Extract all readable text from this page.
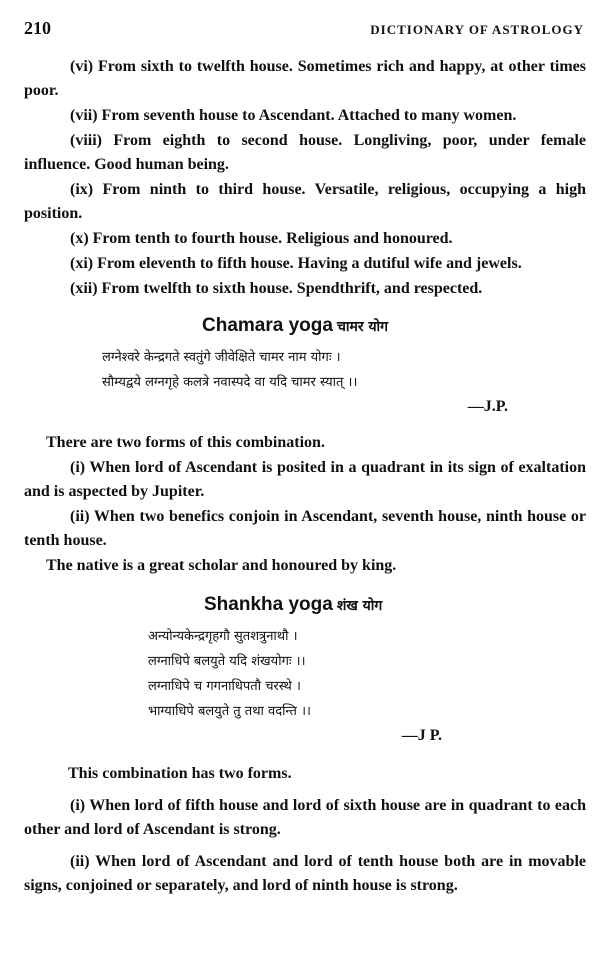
210	DICTIONARY OF ASTROLOGY

(vi) From sixth to twelfth house. Sometimes rich and happy, at other times poor.

(vii) From seventh house to Ascendant. Attached to many women.

(viii) From eighth to second house. Longliving, poor, under female influence. Good human being.

(ix) From ninth to third house. Versatile, religious, occupying a high position.

(x) From tenth to fourth house. Religious and honoured.

(xi) From eleventh to fifth house. Having a dutiful wife and jewels.

(xii) From twelfth to sixth house. Spendthrift, and respected.

Chamara yoga चामर योग
लग्नेश्वरे केन्द्रगते स्वतुंगे जीवेक्षिते चामर नाम योगः ।
सौम्यद्वये लग्नगृहे कलत्रे नवास्पदे वा यदि चामर स्यात् ।।
—J.P.

There are two forms of this combination.

(i) When lord of Ascendant is posited in a quadrant in its sign of exaltation and is aspected by Jupiter.

(ii) When two benefics conjoin in Ascendant, seventh house, ninth house or tenth house.

The native is a great scholar and honoured by king.

Shankha yoga शंख योग
अन्योन्यकेन्द्रगृहगौ सुतशत्रुनाथौ ।
लग्नाधिपे बलयुते यदि शंखयोगः ।।
लग्नाधिपे च गगनाधिपतौ चरस्थे ।
भाग्याधिपे बलयुते तु तथा वदन्ति ।।
—J P.

This combination has two forms.

(i) When lord of fifth house and lord of sixth house are in quadrant to each other and lord of Ascendant is strong.

(ii) When lord of Ascendant and lord of tenth house both are in movable signs, conjoined or separately, and lord of ninth house is strong.
